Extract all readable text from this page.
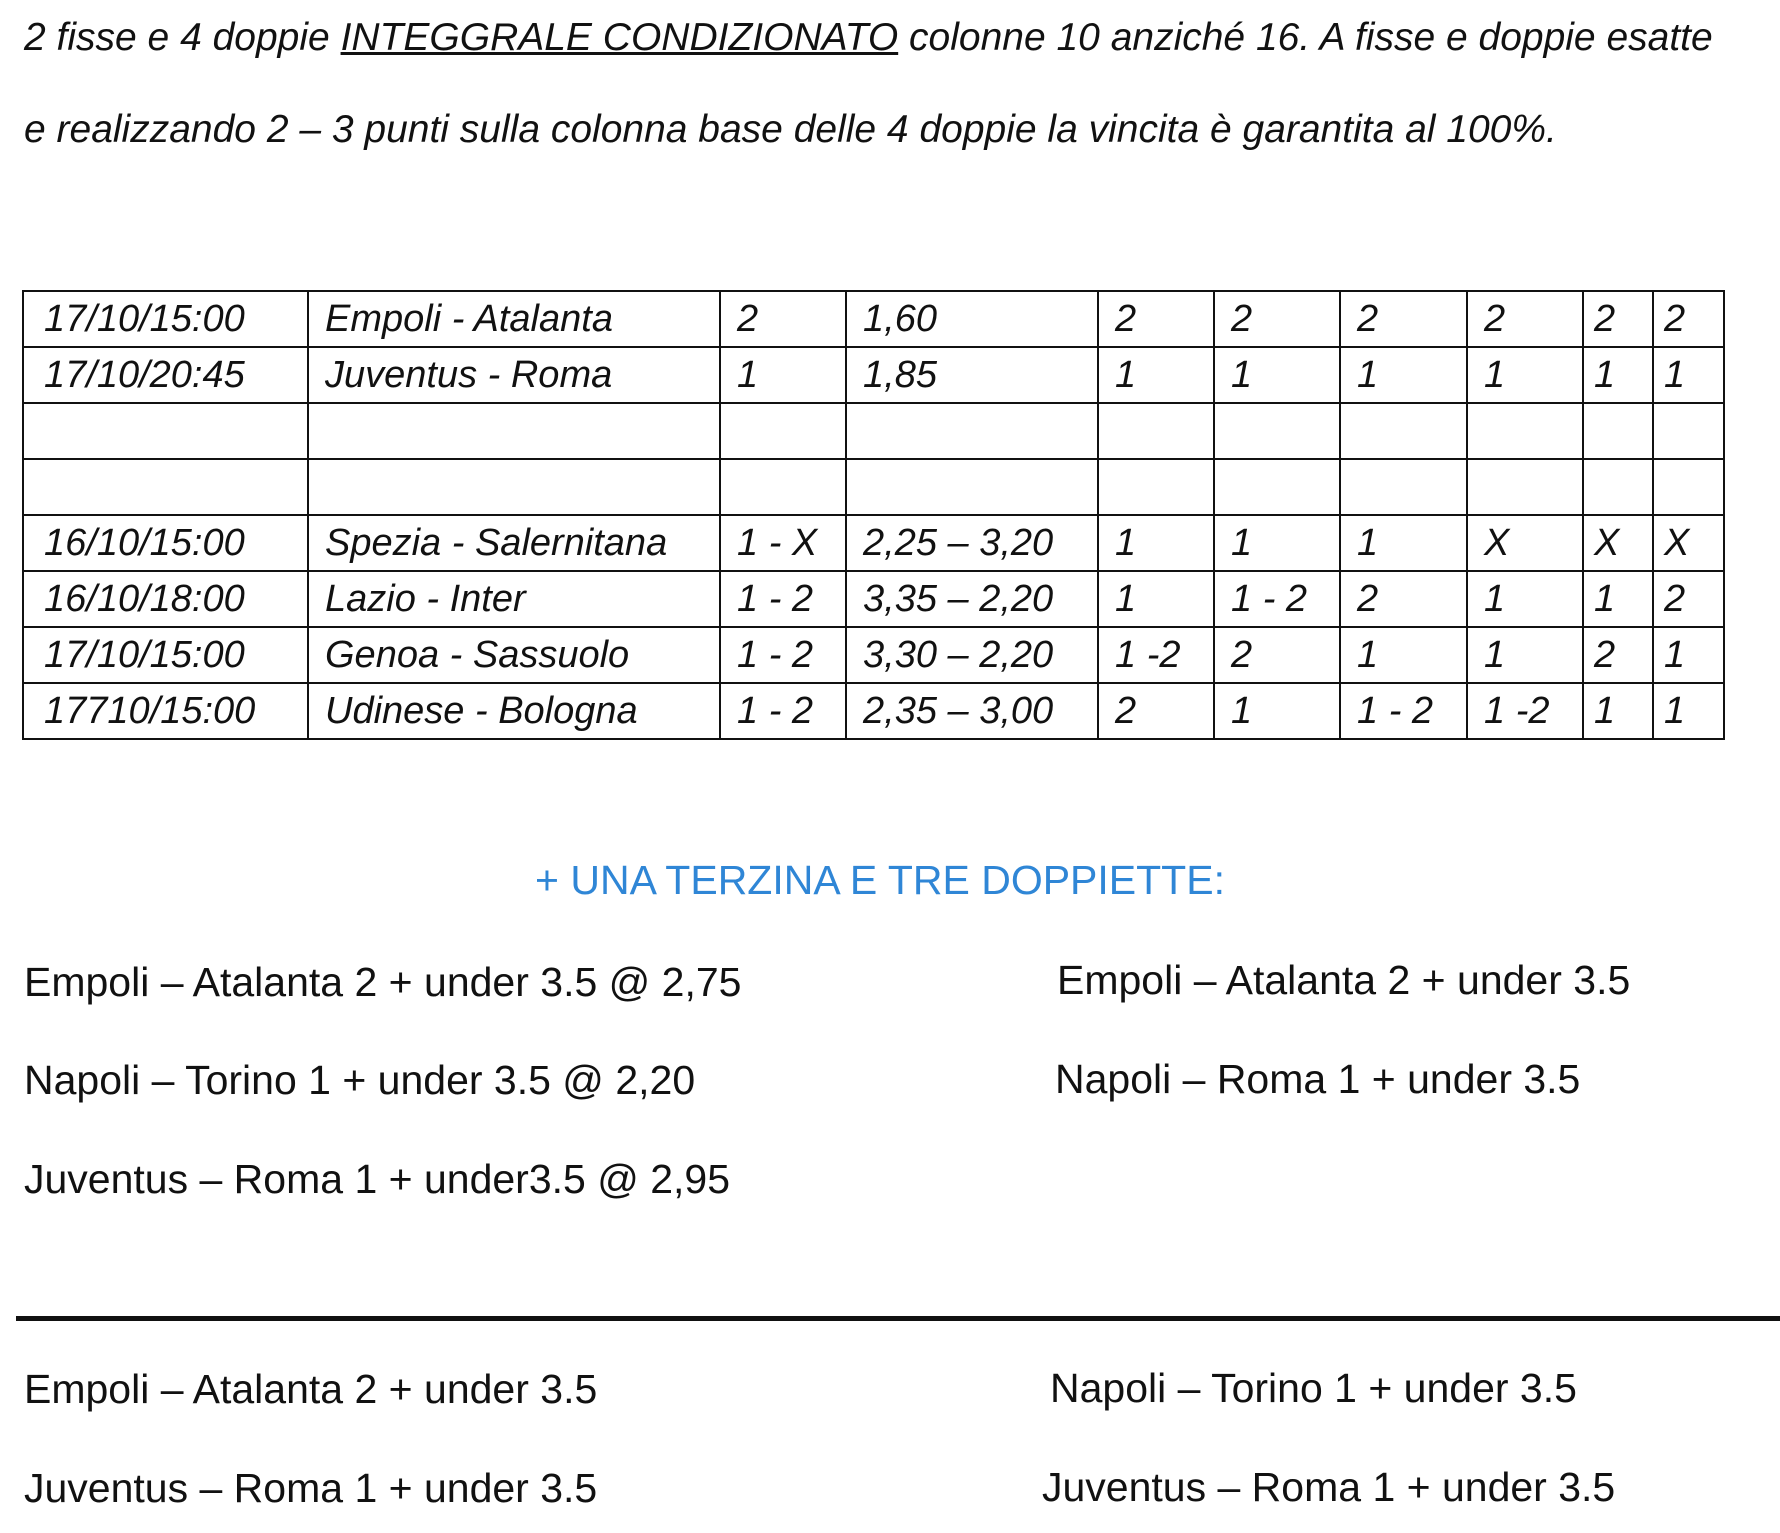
2 fisse e 4 doppie INTEGGRALE CONDIZIONATO colonne 10 anziché 16. A fisse e doppie esatte
e realizzando 2 – 3 punti sulla colonna base delle 4 doppie la vincita è garantita al 100%.
17/10/15:00	Empoli - Atalanta	2	1,60	2	2	2	2	2	2
17/10/20:45	Juventus - Roma	1	1,85	1	1	1	1	1	1

16/10/15:00	Spezia - Salernitana	1 - X	2,25 – 3,20	1	1	1	X	X	X
16/10/18:00	Lazio - Inter	1 - 2	3,35 – 2,20	1	1 - 2	2	1	1	2
17/10/15:00	Genoa - Sassuolo	1 - 2	3,30 – 2,20	1 -2	2	1	1	2	1
17710/15:00	Udinese - Bologna	1 - 2	2,35 – 3,00	2	1	1 - 2	1 -2	1	1
+ UNA TERZINA E TRE DOPPIETTE:
Empoli – Atalanta 2 + under 3.5 @ 2,75
Napoli – Torino 1 + under 3.5 @ 2,20
Juventus – Roma 1 + under3.5 @ 2,95
Empoli – Atalanta 2 + under 3.5
Napoli – Roma 1 + under 3.5
Empoli – Atalanta 2 + under 3.5
Juventus – Roma 1 + under 3.5
Napoli – Torino 1 + under 3.5
Juventus – Roma 1 + under 3.5
